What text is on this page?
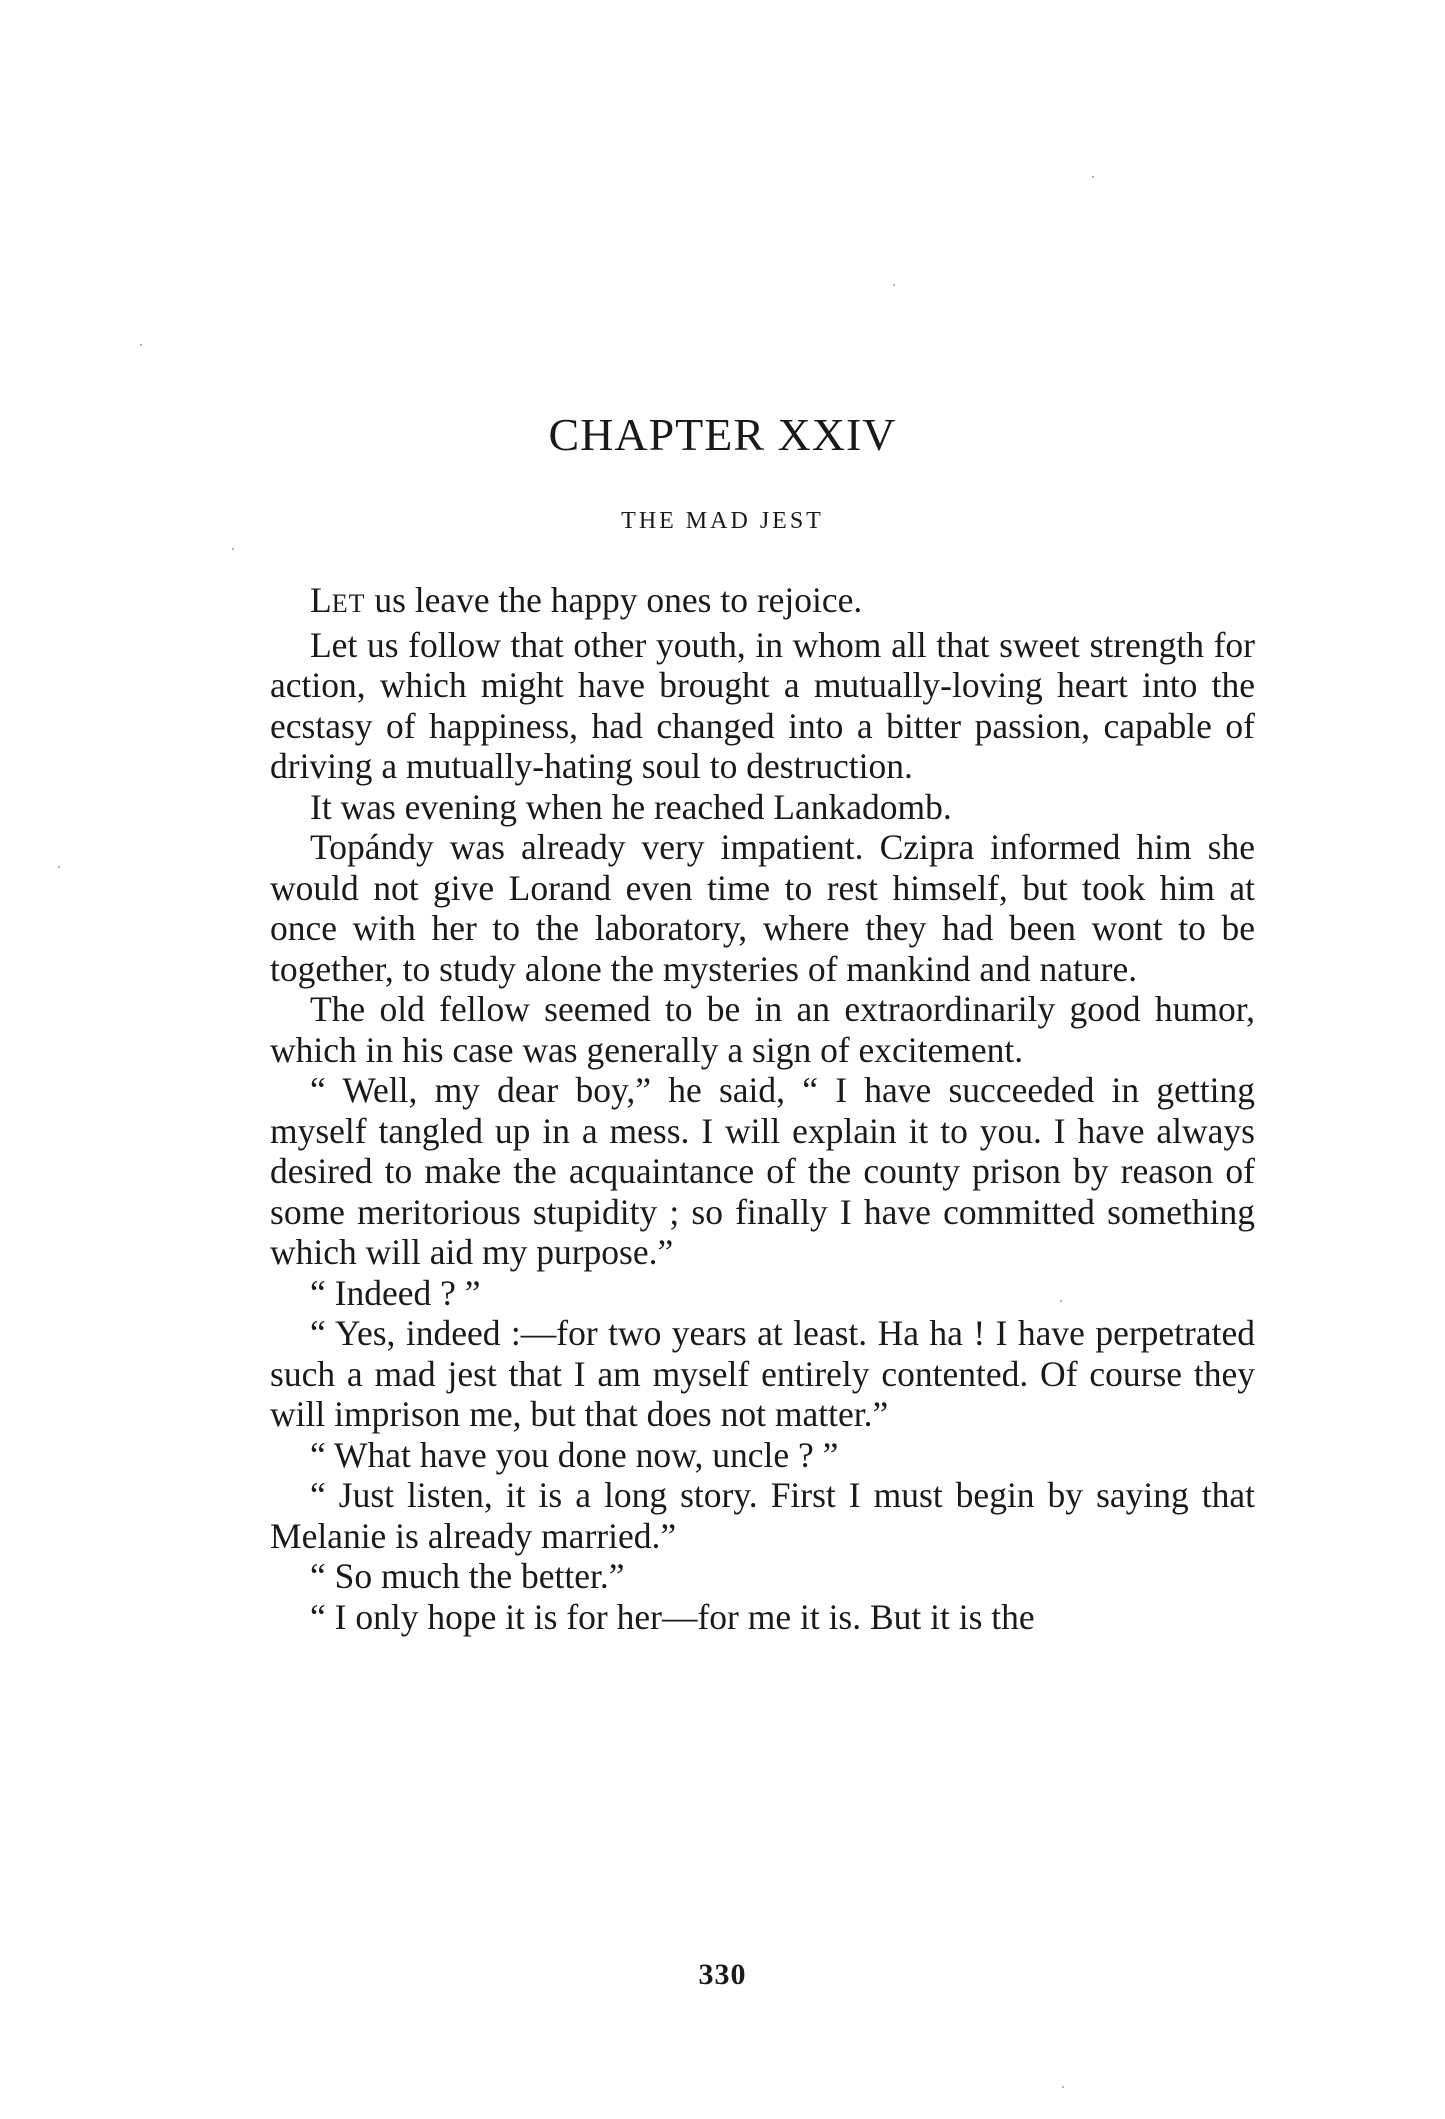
CHAPTER XXIV
THE MAD JEST

LET us leave the happy ones to rejoice.

Let us follow that other youth, in whom all that sweet strength for action, which might have brought a mutually-loving heart into the ecstasy of happiness, had changed into a bitter passion, capable of driving a mutually-hating soul to destruction.

It was evening when he reached Lankadomb.

Topándy was already very impatient. Czipra informed him she would not give Lorand even time to rest himself, but took him at once with her to the laboratory, where they had been wont to be together, to study alone the mysteries of mankind and nature.

The old fellow seemed to be in an extraordinarily good humor, which in his case was generally a sign of excitement.

“ Well, my dear boy,” he said, “ I have succeeded in getting myself tangled up in a mess. I will explain it to you. I have always desired to make the acquaintance of the county prison by reason of some meritorious stupidity ; so finally I have committed something which will aid my purpose.”

“ Indeed ? ”

“ Yes, indeed :—for two years at least. Ha ha ! I have perpetrated such a mad jest that I am myself entirely contented. Of course they will imprison me, but that does not matter.”

“ What have you done now, uncle ? ”

“ Just listen, it is a long story. First I must begin by saying that Melanie is already married.”

“ So much the better.”

“ I only hope it is for her—for me it is. But it is the

330
